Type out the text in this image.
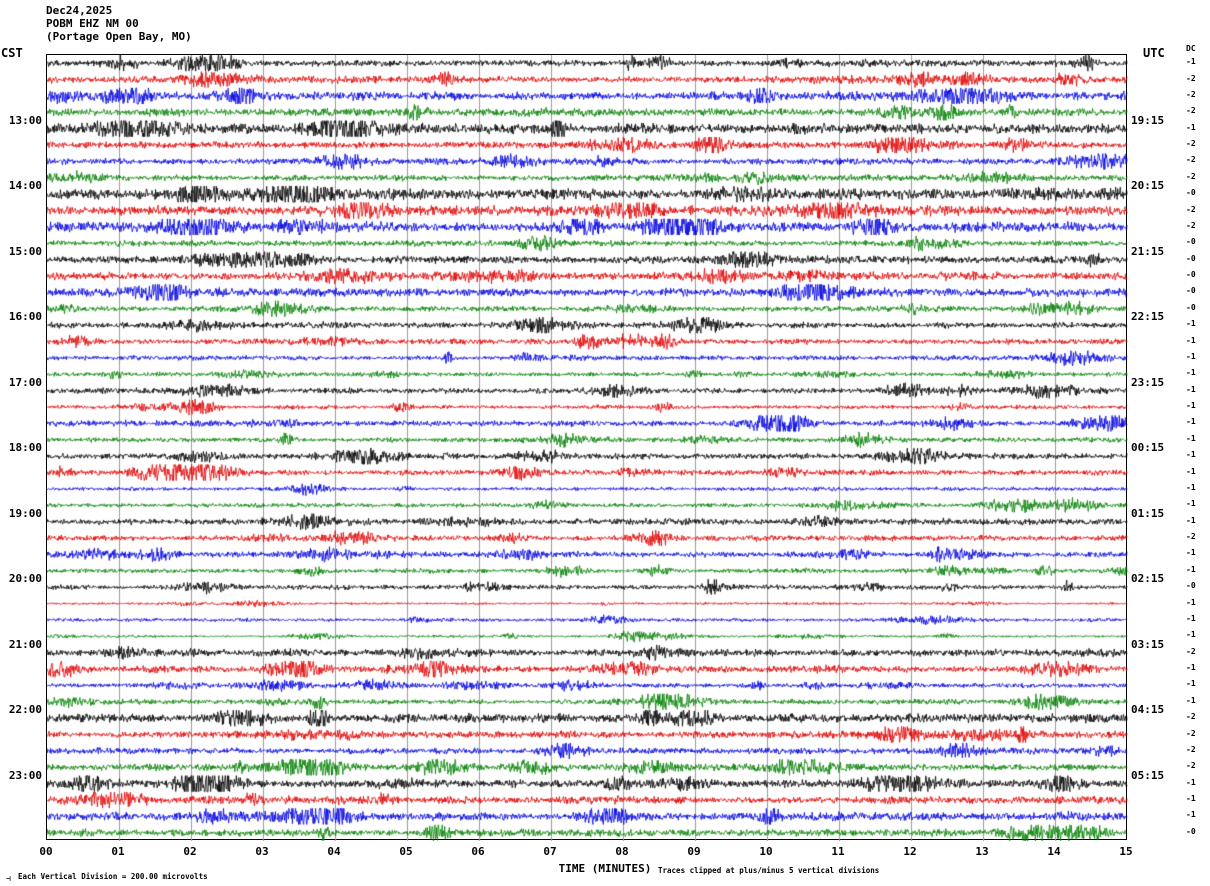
Dec24,2025
POBM EHZ NM 00
(Portage Open Bay, MO)
CST	UTC	DC
13:00
14:00
15:00
16:00
17:00
18:00
19:00
20:00
21:00
22:00
23:00
19:15
20:15
21:15
22:15
23:15
00:15
01:15
02:15
03:15
04:15
05:15
-1
-2
-2
-2
-1
-2
-2
-2
-0
-2
-2
-0
-0
-0
-0
-0
-1
-1
-1
-1
-1
-1
-1
-1
-1
-1
-1
-1
-1
-2
-1
-1
-0
-1
-1
-1
-2
-1
-1
-1
-2
-2
-2
-2
-1
-1
-1
-0
00	01	02	03	04	05	06	07	08	09	10	11	12	13	14	15
TIME (MINUTES)
⊣ Each Vertical Division = 200.00 microvolts
Traces clipped at plus/minus 5 vertical divisions
